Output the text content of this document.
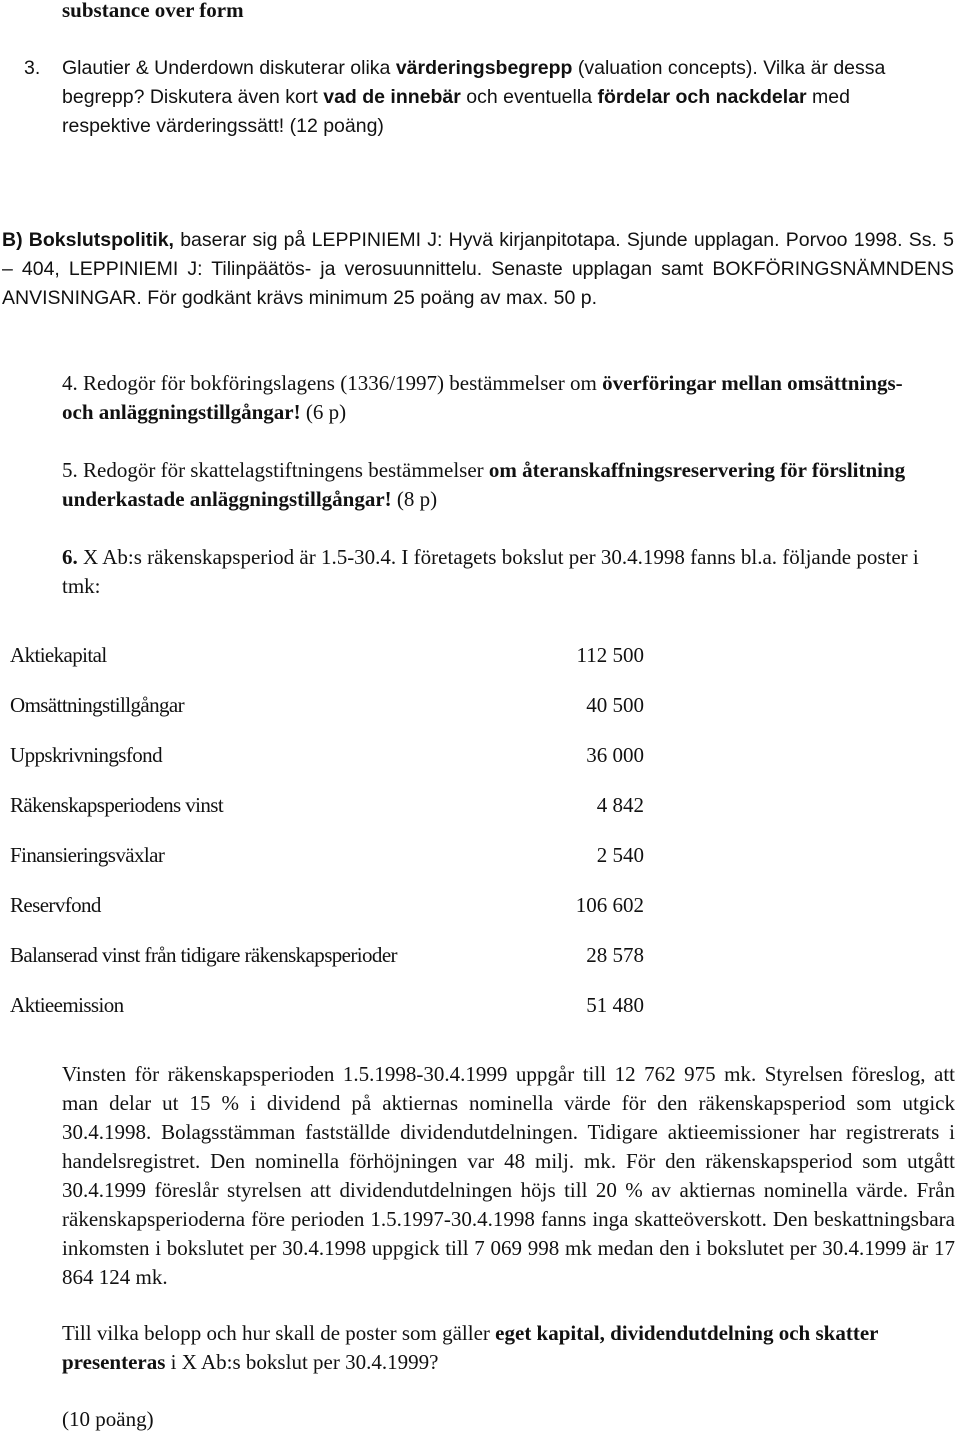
substance over form
3. Glautier & Underdown diskuterar olika värderingsbegrepp (valuation concepts). Vilka är dessa begrepp? Diskutera även kort vad de innebär och eventuella fördelar och nackdelar med respektive värderingssätt! (12 poäng)
B) Bokslutspolitik, baserar sig på LEPPINIEMI J: Hyvä kirjanpitotapa. Sjunde upplagan. Porvoo 1998. Ss. 5 – 404, LEPPINIEMI J: Tilinpäätös- ja verosuunnittelu. Senaste upplagan samt BOKFÖRINGSNÄMNDENS ANVISNINGAR. För godkänt krävs minimum 25 poäng av max. 50 p.
4. Redogör för bokföringslagens (1336/1997) bestämmelser om överföringar mellan omsättnings- och anläggningstillgångar! (6 p)
5. Redogör för skattelagstiftningens bestämmelser om återanskaffningsreservering för förslitning underkastade anläggningstillgångar! (8 p)
6. X Ab:s räkenskapsperiod är 1.5-30.4. I företagets bokslut per 30.4.1998 fanns bl.a. följande poster i tmk:
Aktiekapital	112 500
Omsättningstillgångar	40 500
Uppskrivningsfond	36 000
Räkenskapsperiodens vinst	4 842
Finansieringsväxlar	2 540
Reservfond	106 602
Balanserad vinst från tidigare räkenskapsperioder	28 578
Aktieemission	51 480
Vinsten för räkenskapsperioden 1.5.1998-30.4.1999 uppgår till 12 762 975 mk. Styrelsen föreslog, att man delar ut 15 % i dividend på aktiernas nominella värde för den räkenskapsperiod som utgick 30.4.1998. Bolagsstämman fastställde dividendutdelningen. Tidigare aktieemissioner har registrerats i handelsregistret. Den nominella förhöjningen var 48 milj. mk. För den räkenskapsperiod som utgått 30.4.1999 föreslår styrelsen att dividendutdelningen höjs till 20 % av aktiernas nominella värde. Från räkenskapsperioderna före perioden 1.5.1997-30.4.1998 fanns inga skatteöverskott. Den beskattningsbara inkomsten i bokslutet per 30.4.1998 uppgick till 7 069 998 mk medan den i bokslutet per 30.4.1999 är 17 864 124 mk.
Till vilka belopp och hur skall de poster som gäller eget kapital, dividendutdelning och skatter presenteras i X Ab:s bokslut per 30.4.1999?
(10 poäng)
